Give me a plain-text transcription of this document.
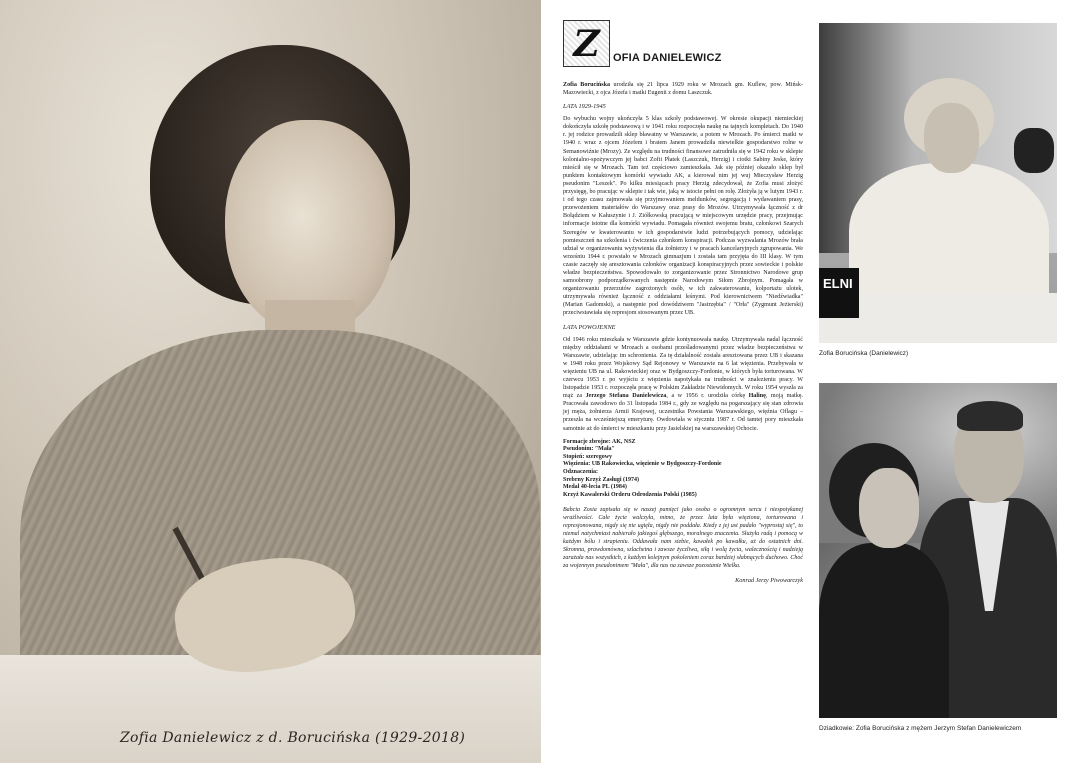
Zofia Danielewicz z d. Borucińska (1929-2018)
Z	OFIA DANIELEWICZ

Zofia Borucińska urodziła się 21 lipca 1929 roku w Mrozach gm. Kuflew, pow. Mińsk-Mazowiecki, z ojca Józefa i matki Eugenii z domu Laszczuk.

LATA 1929-1945

Do wybuchu wojny ukończyła 5 klas szkoły podstawowej. W okresie okupacji niemieckiej dokończyła szkołę podstawową i w 1941 roku rozpoczęła naukę na tajnych kompletach. Do 1940 r. jej rodzice prowadzili sklep bławatny w Warszawie, a potem w Mrozach. Po śmierci matki w 1940 r. wraz z ojcem Józefem i bratem Janem prowadziła niewielkie gospodarstwo rolne w Semanowiźnie (Mrozy). Ze względu na trudności finansowe zatrudniła się w 1942 roku w sklepie kolonialno-spożywczym jej babci Zofii Płatek (Laszczuk, Herzig) i ciotki Sabiny Jeske, który mieścił się w Mrozach. Tam też częściowo zamieszkała. Jak się później okazało sklep był punktem kontaktowym komórki wywiadu AK, a kierował nim jej wuj Mieczysław Herzig pseudonim "Leszek". Po kilku miesiącach pracy Herzig zdecydował, że Zofia musi złożyć przysięgę, bo pracując w sklepie i tak wie, jaką w istocie pełni on rolę. Złożyła ją w lutym 1943 r. i od tego czasu zajmowała się przyjmowaniem meldunków, segregacją i wydawaniem prasy, przewożeniem materiałów do Warszawy oraz prasy do Mrozów. Utrzymywała łączność z dr Bołądziem w Kałuszynie i J. Ziółkowską pracującą w miejscowym urzędzie pracy, przejmując informacje istotne dla komórki wywiadu. Pomagała również swojemu bratu, członkowi Szarych Szeregów w kwaterowaniu w ich gospodarstwie ludzi potrzebujących pomocy, udzielając pomieszczeń na szkolenia i ćwiczenia członkom konspiracji. Podczas wyzwalania Mrozów brała udział w organizowaniu wyżywienia dla żołnierzy i w pracach kancelaryjnych zgrupowania. We wrześniu 1944 r. powstało w Mrozach gimnazjum i została tam przyjęta do III klasy. W tym czasie zaczęły się aresztowania członków organizacji konspiracyjnych przez sowieckie i polskie władze bezpieczeństwa. Spowodowało to zorganizowanie przez Stronnictwo Narodowe grup samoobrony podporządkowanych następnie Narodowym Siłom Zbrojnym. Pomagała w organizowaniu przerzutów zagrożonych osób, w ich zakwaterowaniu, kolportażu ulotek, utrzymywała również łączność z oddziałami leśnymi. Pod kierownictwem "Niedźwiadka" (Marian Gadomski), a następnie pod dowództwem "Jastrzębia" / "Orła" (Zygmunt Jeżierski) przeciwstawiała się represjom stosowanym przez UB.

LATA POWOJENNE

Od 1946 roku mieszkała w Warszawie gdzie kontynuowała naukę. Utrzymywała nadal łączność między oddziałami w Mrozach a osobami prześladowanymi przez władze bezpieczeństwa w Warszawie, udzielając im schronienia. Za tę działalność została aresztowana przez UB i skazana w 1948 roku przez Wojskowy Sąd Rejonowy w Warszawie na 6 lat więzienia. Przebywała w więzieniu UB na ul. Rakowieckiej oraz w Bydgoszczy-Fordonie, w których była torturowana. W czerwcu 1953 r. po wyjściu z więzienia napotykała na trudności w znalezieniu pracy. W listopadzie 1953 r. rozpoczęła pracę w Polskim Zakładzie Niewidomych. W roku 1954 wyszła za mąż za Jerzego Stefana Danielewicza, a w 1956 r. urodziła córkę Halinę, moją matkę. Pracowała zawodowo do 31 listopada 1984 r., gdy ze względu na pogarszający się stan zdrowia jej męża, żołnierza Armii Krajowej, uczestnika Powstania Warszawskiego, więźnia Oflagu – przeszła na wcześniejszą emeryturę. Owdowiała w styczniu 1987 r. Od tamtej pory mieszkała samotnie aż do śmierci w mieszkaniu przy Jasielskiej na warszawskiej Ochocie.

Formacje zbrojne: AK, NSZ
Pseudonim: "Mała"
Stopień: szeregowy
Więzienia: UB Rakowiecka, więzienie w Bydgoszczy-Fordonie
Odznaczenia:
Srebrny Krzyż Zasługi (1974)
Medal 40-lecia PL (1984)
Krzyż Kawalerski Orderu Odrodzenia Polski (1985)

Babcia Zosia zapisała się w naszej pamięci jako osoba o ogromnym sercu i niespotykanej wrażliwości. Całe życie walczyła, mimo, że przez lata była więziona, torturowana i represjonowana, nigdy się nie ugięła, nigdy nie poddała. Kiedy z jej ust padało "wyprostuj się", to niemal natychmiast nabierało jakiegoś głębszego, moralnego znaczenia. Służyła radą i pomocą w każdym bólu i strapieniu. Oddawała nam siebie, kawałek po kawałku, aż do ostatnich dni. Skromna, prawdomówna, szlachetna i zawsze życzliwa, siłą i wolą życia, walecznością i nadzieją zarażała nas wszystkich, z każdym kolejnym pokoleniem coraz bardziej słabnących duchowo. Choć za wojennym pseudonimem "Mała", dla nas na zawsze pozostanie Wielka.

Konrad Jerzy Piwowarczyk
ELNI
Zofia Borucińska (Danielewicz)
Dziadkowie: Zofia Borucińska z mężem Jerzym Stefan Danielewiczem
